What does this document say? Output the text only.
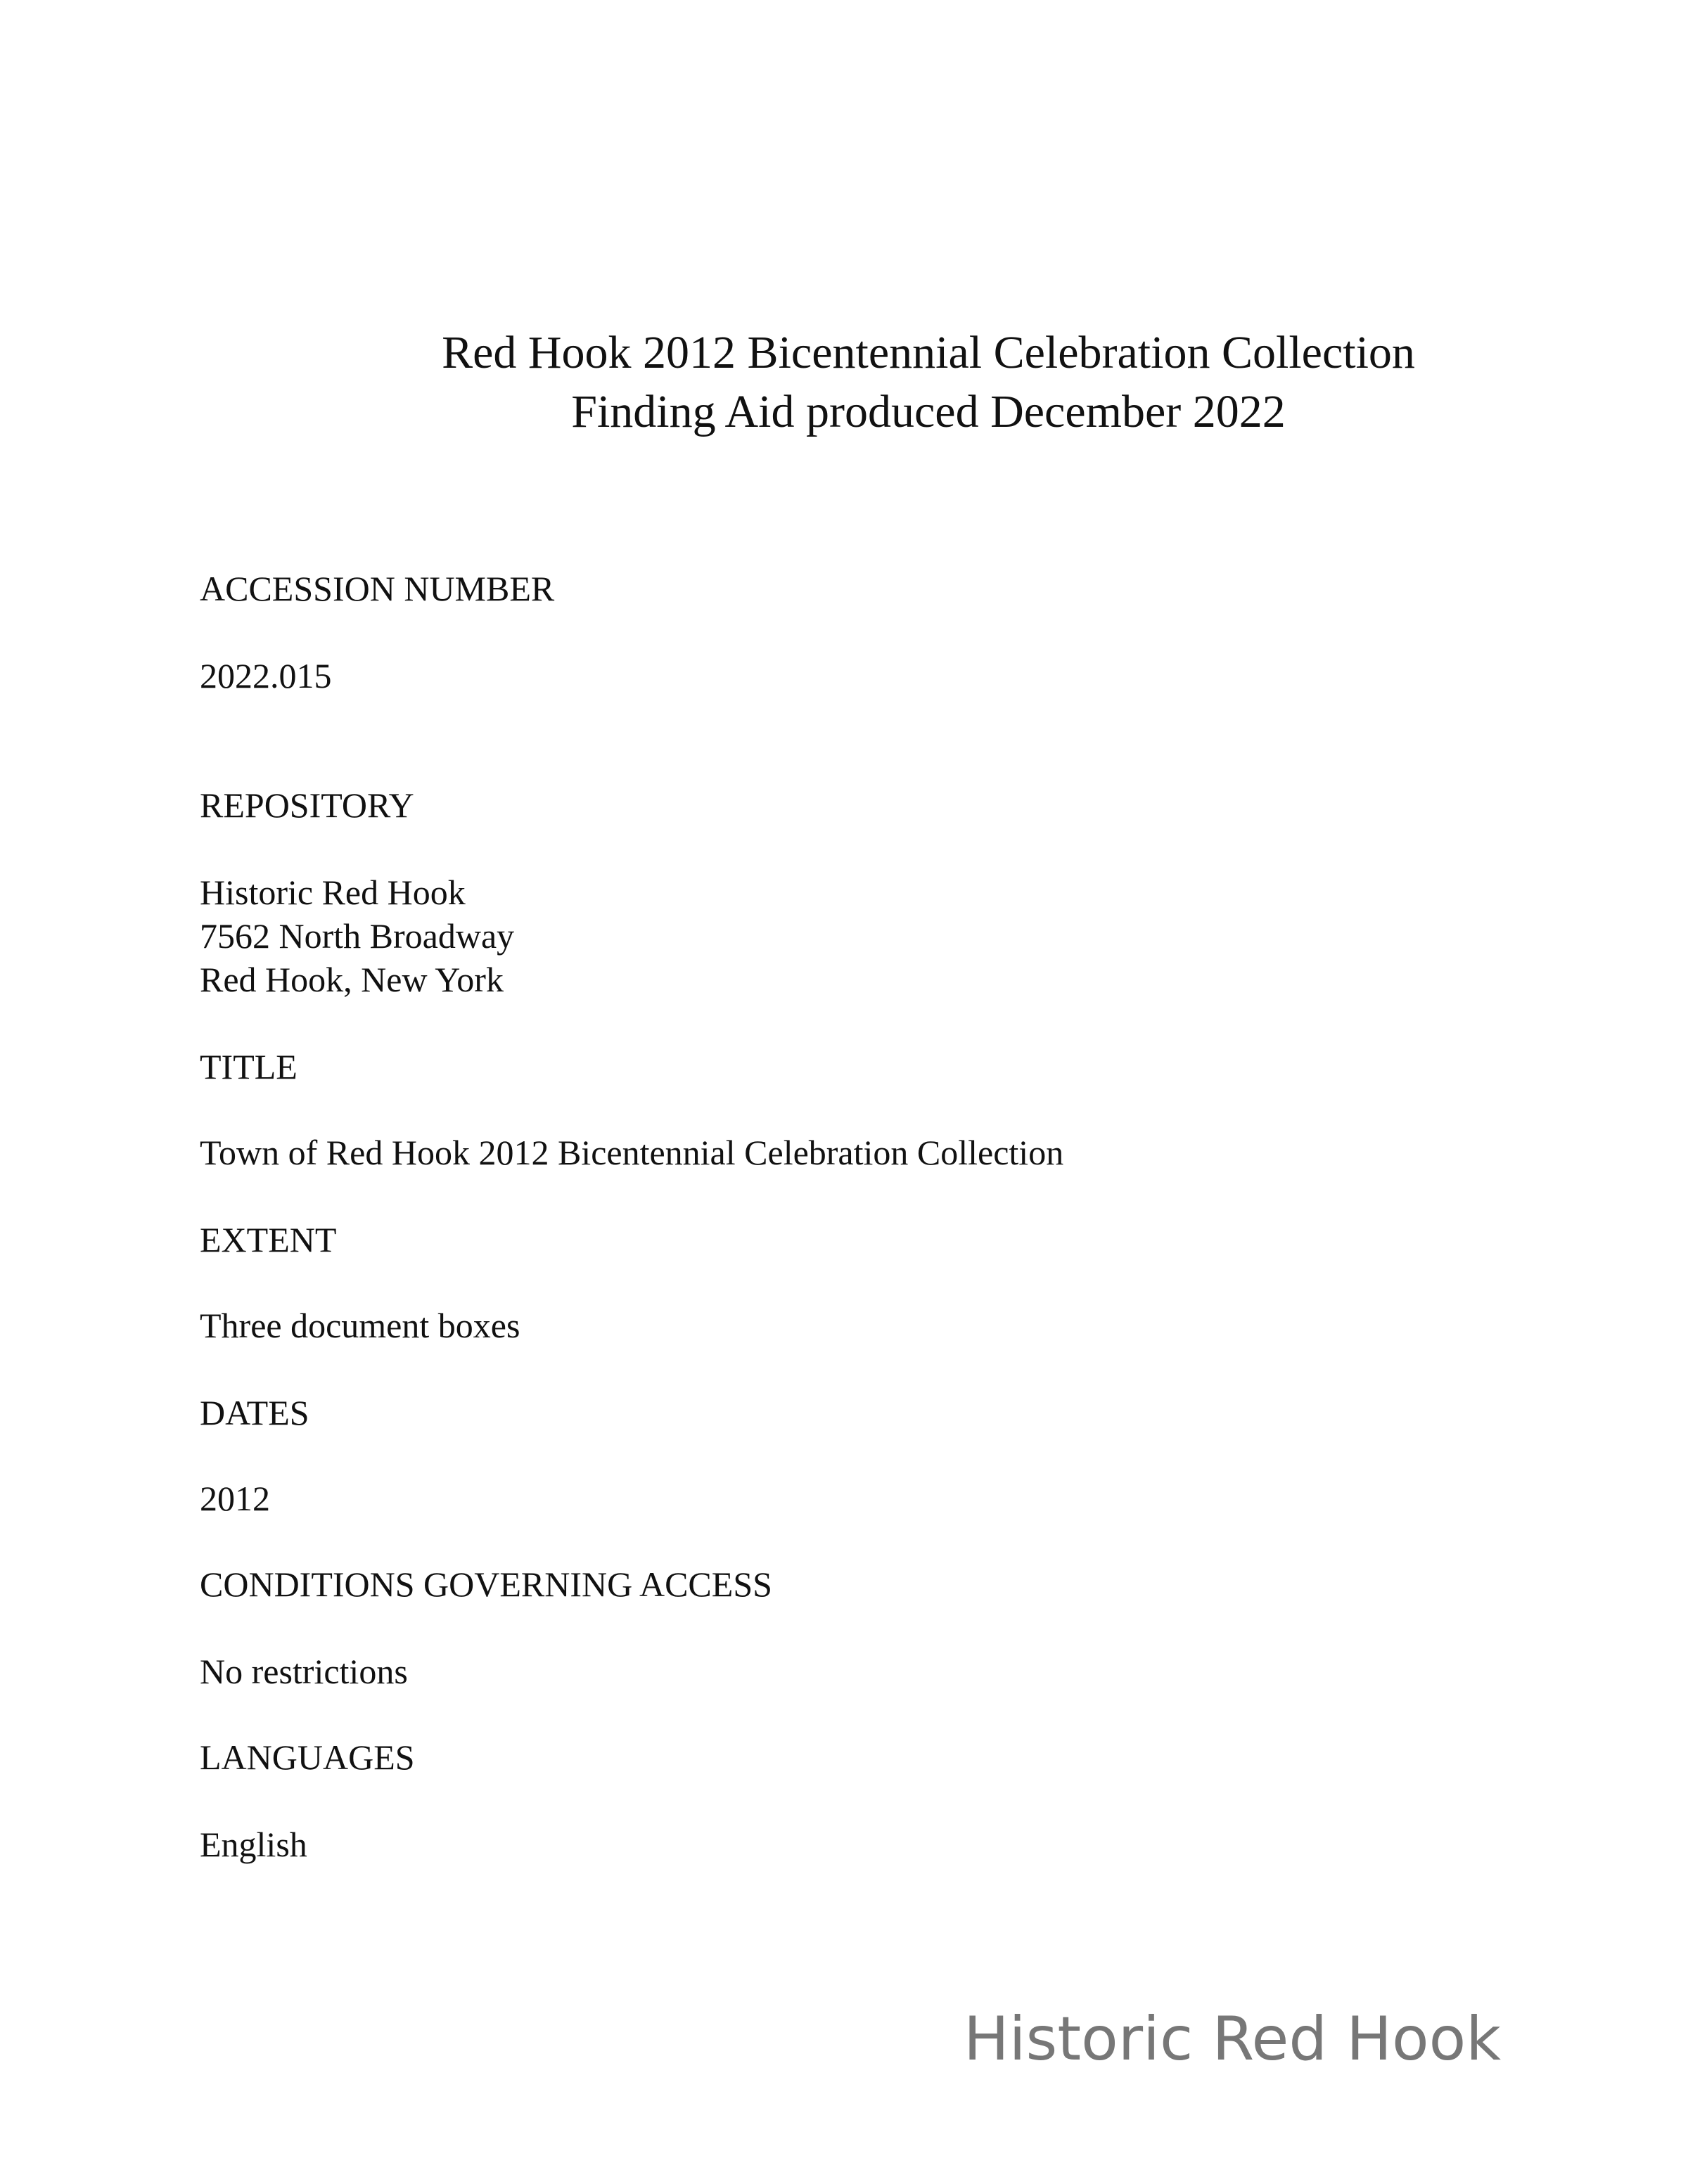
Red Hook 2012 Bicentennial Celebration Collection
Finding Aid produced December 2022
ACCESSION NUMBER
2022.015
REPOSITORY
Historic Red Hook
7562 North Broadway
Red Hook, New York
TITLE
Town of Red Hook 2012 Bicentennial Celebration Collection
EXTENT
Three document boxes
DATES
2012
CONDITIONS GOVERNING ACCESS
No restrictions
LANGUAGES
English
Historic Red Hook
